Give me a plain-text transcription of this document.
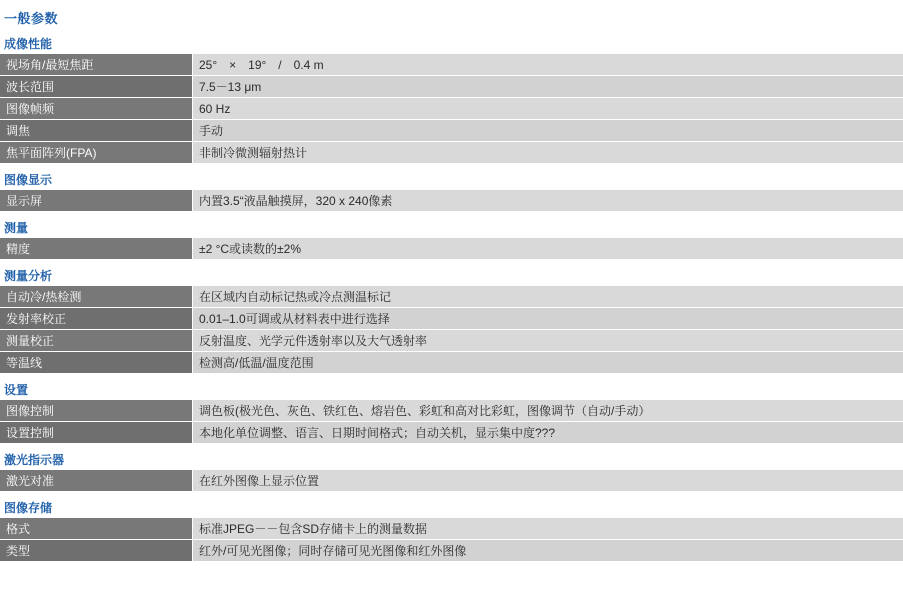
一般参数
成像性能
视场角/最短焦距	25°　×　19°　/　0.4 m
波长范围	7.5－13 μm
图像帧频	60 Hz
调焦	手动
焦平面阵列(FPA)	非制冷微测辐射热计
图像显示
显示屏	内置3.5“液晶触摸屏，320 x 240像素
测量
精度	±2 °C或读数的±2%
测量分析
自动冷/热检测	在区域内自动标记热或冷点测温标记
发射率校正	0.01–1.0可调或从材料表中进行选择
测量校正	反射温度、光学元件透射率以及大气透射率
等温线	检测高/低温/温度范围
设置
图像控制	调色板(极光色、灰色、铁红色、熔岩色、彩虹和高对比彩虹，图像调节（自动/手动）
设置控制	本地化单位调整、语言、日期时间格式；自动关机，显示集中度???
激光指示器
激光对准	在红外图像上显示位置
图像存储
格式	标准JPEG－－包含SD存储卡上的测量数据
类型	红外/可见光图像；同时存储可见光图像和红外图像
